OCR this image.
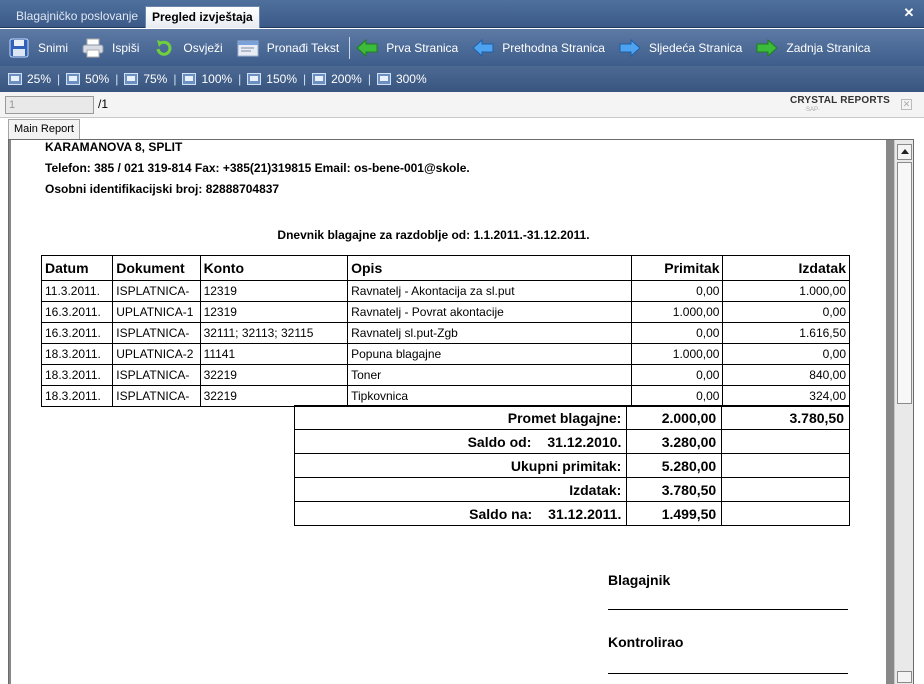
Blagajničko poslovanje	Pregled izvještaja	✕
Snimi	Ispiši	Osvježi	Pronađi Tekst	Prva Stranica	Prethodna Stranica	Sljedeća Stranica	Zadnja Stranica
25% | 50% | 75% | 100% | 150% | 200% | 300%
1	/1	CRYSTAL REPORTS
·SAP·
✕
Main Report
KARAMANOVA 8, SPLIT
Telefon: 385 / 021 319-814 Fax: +385(21)319815 Email: os-bene-001@skole.
Osobni identifikacijski broj: 82888704837
Dnevnik blagajne za razdoblje od: 1.1.2011.-31.12.2011.
Datum	Dokument	Konto	Opis	Primitak	Izdatak
11.3.2011.	ISPLATNICA-	12319	Ravnatelj - Akontacija za sl.put	0,00	1.000,00
16.3.2011.	UPLATNICA-1	12319	Ravnatelj - Povrat akontacije	1.000,00	0,00
16.3.2011.	ISPLATNICA-	32111; 32113; 32115	Ravnatelj sl.put-Zgb	0,00	1.616,50
18.3.2011.	UPLATNICA-2	11141	Popuna blagajne	1.000,00	0,00
18.3.2011.	ISPLATNICA-	32219	Toner	0,00	840,00
18.3.2011.	ISPLATNICA-	32219	Tipkovnica	0,00	324,00
Promet blagajne:	2.000,00	3.780,50
Saldo od: 31.12.2010.	3.280,00	
Ukupni primitak:	5.280,00	
Izdatak:	3.780,50	
Saldo na: 31.12.2011.	1.499,50	
Blagajnik
Kontrolirao
